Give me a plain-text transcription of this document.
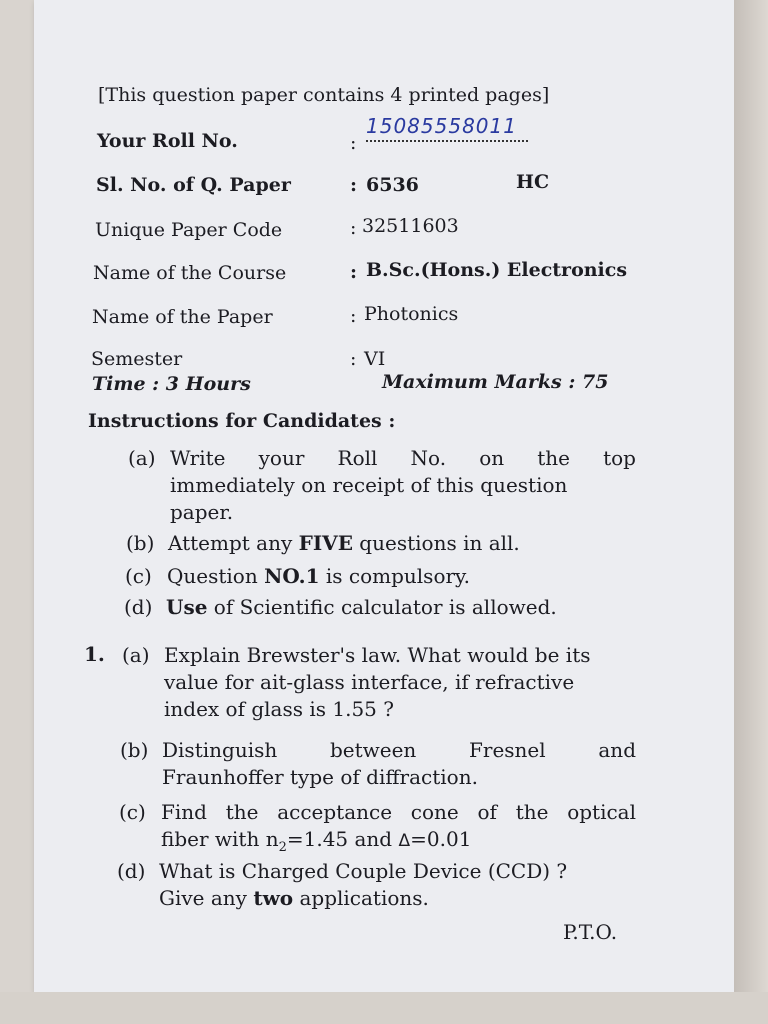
[This question paper contains 4 printed pages]
Your Roll No.	:
15085558011
Sl. No. of Q. Paper	: 6536	HC
Unique Paper Code	: 32511603
Name of the Course	: B.Sc.(Hons.) Electronics
Name of the Paper	: Photonics
Semester	: VI
Time : 3 Hours	Maximum Marks : 75
Instructions for Candidates :
(a) Write your Roll No. on the top
immediately on receipt of this question
paper.
(b) Attempt any FIVE questions in all.
(c) Question NO.1 is compulsory.
(d) Use of Scientific calculator is allowed.
1. (a) Explain Brewster's law. What would be its
value for ait-glass interface, if refractive
index of glass is 1.55 ?
(b) Distinguish between Fresnel and
Fraunhoffer type of diffraction.
(c) Find the acceptance cone of the optical
fiber with $n_2=1.45$ and Δ=0.01
(d) What is Charged Couple Device (CCD) ?
Give any two applications.
P.T.O.
